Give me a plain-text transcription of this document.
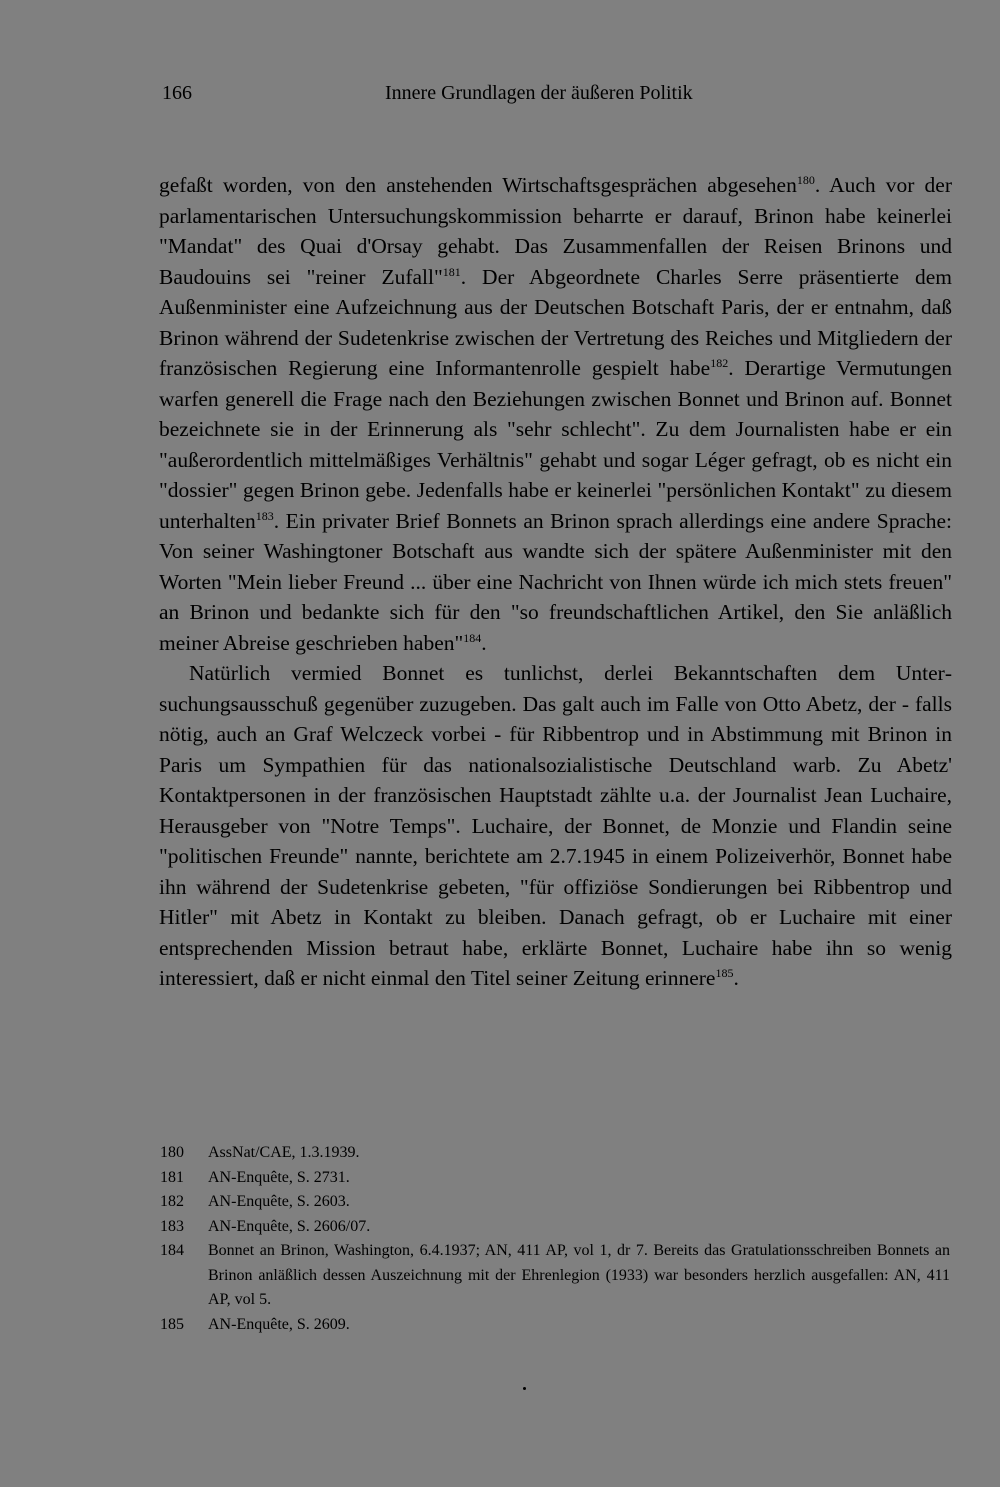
166	Innere Grundlagen der äußeren Politik

gefaßt worden, von den anstehenden Wirtschaftsgesprächen abgesehen$^{180}$. Auch vor der parlamentarischen Untersuchungskommission beharrte er darauf, Brinon habe keinerlei "Mandat" des Quai d'Orsay gehabt. Das Zusammenfallen der Reisen Brinons und Baudouins sei "reiner Zufall"$^{181}$. Der Abgeordnete Charles Serre präsentierte dem Außenminister eine Aufzeichnung aus der Deutschen Botschaft Paris, der er entnahm, daß Brinon während der Sudetenkrise zwischen der Vertretung des Reiches und Mitgliedern der französischen Regierung eine Informantenrolle gespielt habe$^{182}$. Derartige Vermutungen warfen generell die Frage nach den Beziehungen zwischen Bonnet und Brinon auf. Bonnet bezeichnete sie in der Erinnerung als "sehr schlecht". Zu dem Journalisten habe er ein "außerordentlich mittelmäßiges Verhältnis" gehabt und sogar Léger gefragt, ob es nicht ein "dossier" gegen Brinon gebe. Jedenfalls habe er keinerlei "persönlichen Kontakt" zu diesem unterhalten$^{183}$. Ein privater Brief Bonnets an Brinon sprach allerdings eine andere Sprache: Von seiner Washingtoner Botschaft aus wandte sich der spätere Außenminister mit den Worten "Mein lieber Freund ... über eine Nachricht von Ihnen würde ich mich stets freuen" an Brinon und bedankte sich für den "so freundschaftlichen Artikel, den Sie anläßlich meiner Abreise geschrieben haben"$^{184}$.

Natürlich vermied Bonnet es tunlichst, derlei Bekanntschaften dem Untersuchungsausschuß gegenüber zuzugeben. Das galt auch im Falle von Otto Abetz, der - falls nötig, auch an Graf Welczeck vorbei - für Ribbentrop und in Abstimmung mit Brinon in Paris um Sympathien für das nationalsozialistische Deutschland warb. Zu Abetz' Kontaktpersonen in der französischen Hauptstadt zählte u.a. der Journalist Jean Luchaire, Herausgeber von "Notre Temps". Luchaire, der Bonnet, de Monzie und Flandin seine "politischen Freunde" nannte, berichtete am 2.7.1945 in einem Polizeiverhör, Bonnet habe ihn während der Sudetenkrise gebeten, "für offiziöse Sondierungen bei Ribbentrop und Hitler" mit Abetz in Kontakt zu bleiben. Danach gefragt, ob er Luchaire mit einer entsprechenden Mission betraut habe, erklärte Bonnet, Luchaire habe ihn so wenig interessiert, daß er nicht einmal den Titel seiner Zeitung erinnere$^{185}$.

180	AssNat/CAE, 1.3.1939.
181	AN-Enquête, S. 2731.
182	AN-Enquête, S. 2603.
183	AN-Enquête, S. 2606/07.
184	Bonnet an Brinon, Washington, 6.4.1937; AN, 411 AP, vol 1, dr 7. Bereits das Gratulationsschreiben Bonnets an Brinon anläßlich dessen Auszeichnung mit der Ehrenlegion (1933) war besonders herzlich ausgefallen: AN, 411 AP, vol 5.
185	AN-Enquête, S. 2609.
